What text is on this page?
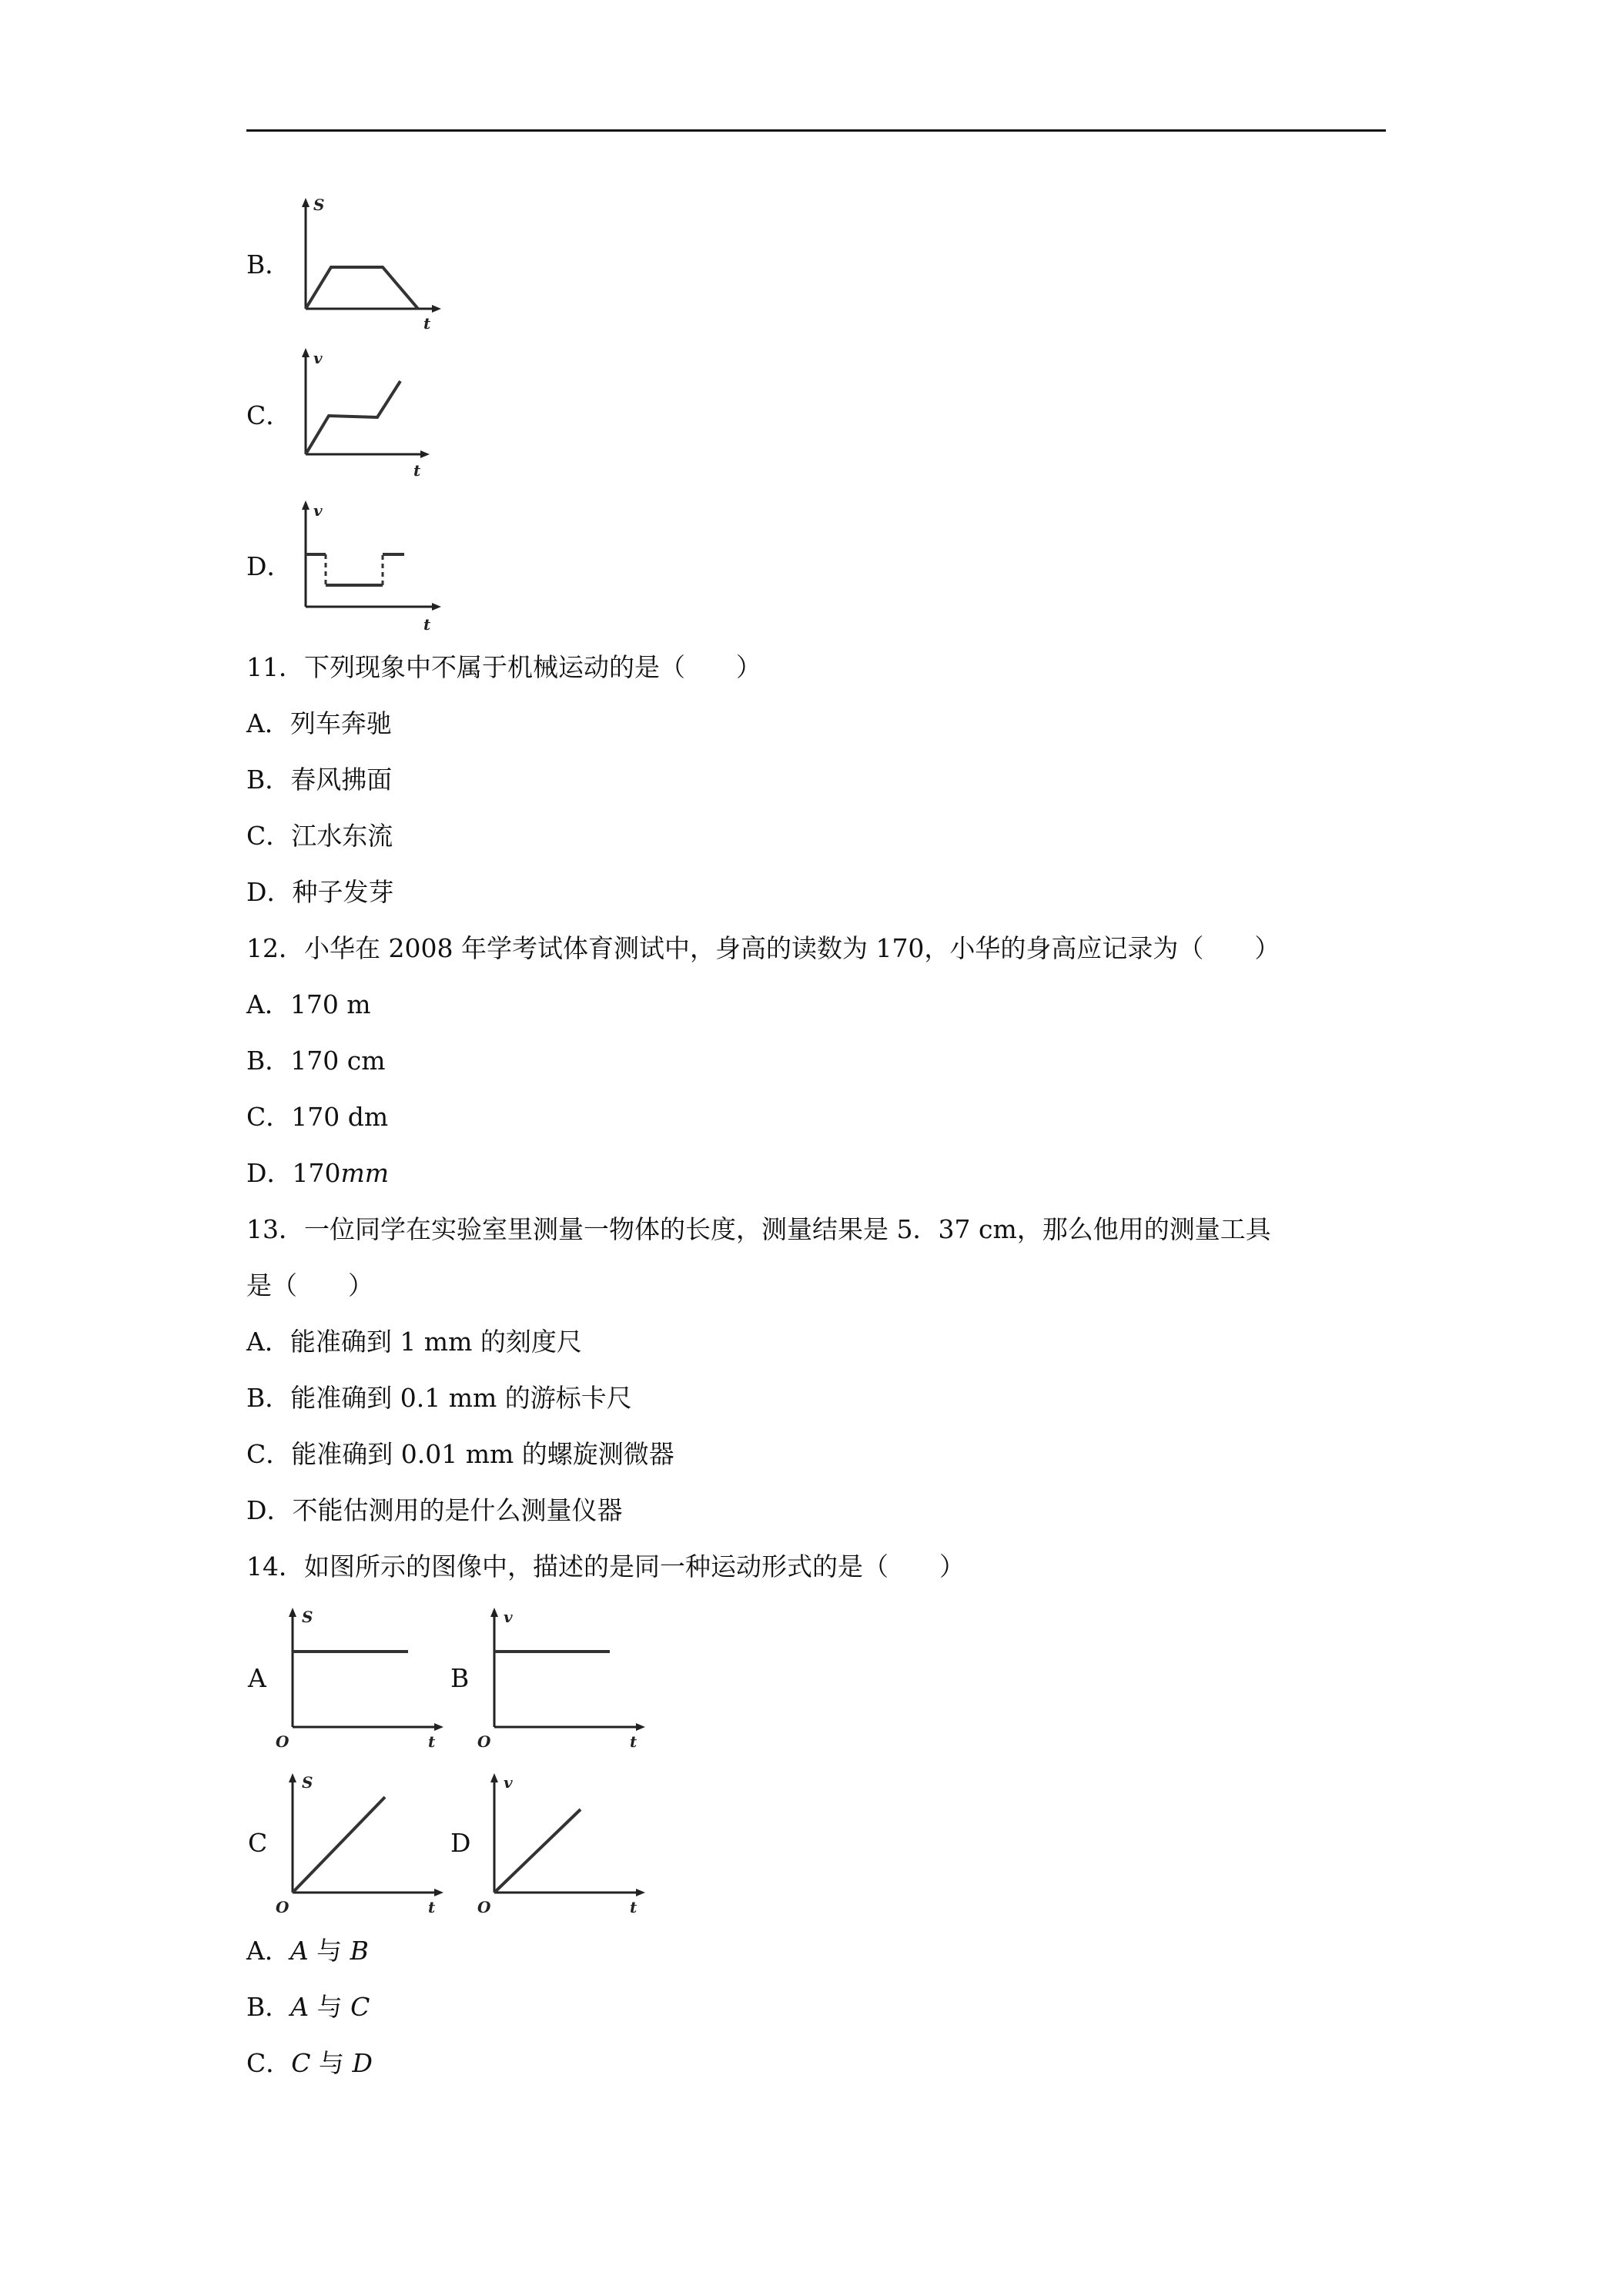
B．
S
t
C．
v
t
D．
v
t
11．下列现象中不属于机械运动的是（　　）
A．列车奔驰
B．春风拂面
C．江水东流
D．种子发芽
12．小华在 2008 年学考试体育测试中，身高的读数为 170，小华的身高应记录为（　　）
A．170 m
B．170 cm
C．170 dm
D．170mm
13．一位同学在实验室里测量一物体的长度，测量结果是 5．37 cm，那么他用的测量工具
是（　　）
A．能准确到 1 mm 的刻度尺
B．能准确到 0.1 mm 的游标卡尺
C．能准确到 0.01 mm 的螺旋测微器
D．不能估测用的是什么测量仪器
14．如图所示的图像中，描述的是同一种运动形式的是（　　）
A
S
t
O
B
v
t
O
C
S
t
O
D
v
t
O
A．A 与 B
B．A 与 C
C．C 与 D
